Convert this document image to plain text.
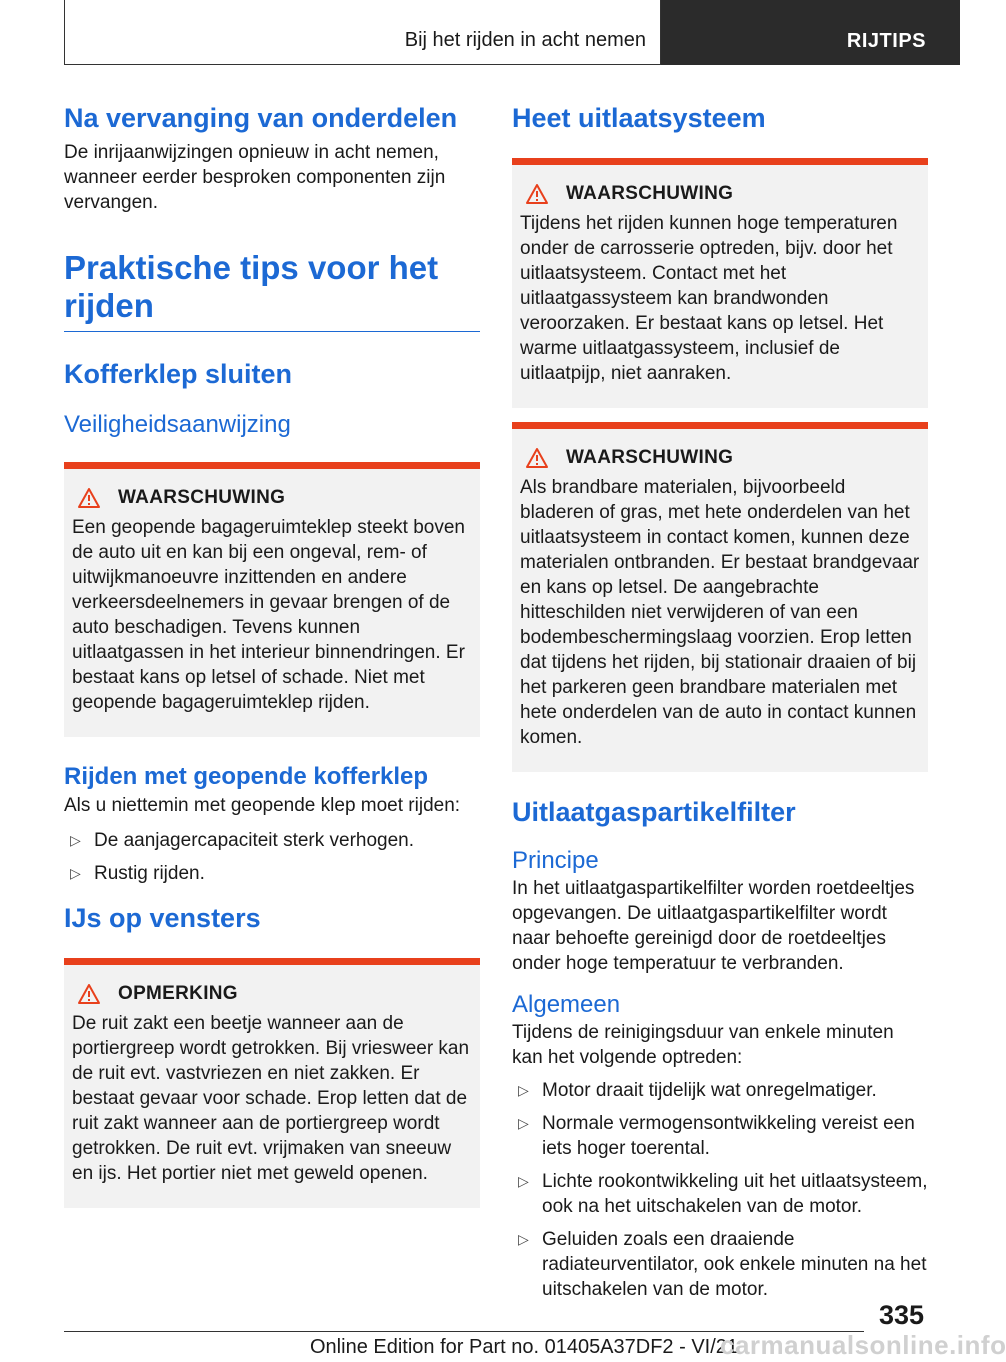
Bij het rijden in acht nemen	RIJTIPS
Na vervanging van onderdelen

De inrijaanwijzingen opnieuw in acht nemen, wanneer eerder besproken componenten zijn vervangen.

Praktische tips voor het rijden
Kofferklep sluiten
Veiligheidsaanwijzing
WAARSCHUWING

Een geopende bagageruimteklep steekt boven de auto uit en kan bij een ongeval, rem- of uitwijkmanoeuvre inzittenden en andere verkeersdeelnemers in gevaar brengen of de auto beschadigen. Tevens kunnen uitlaatgassen in het interieur binnendringen. Er bestaat kans op letsel of schade. Niet met geopende bagageruimteklep rijden.

Rijden met geopende kofferklep

Als u niettemin met geopende klep moet rijden:

▷ De aanjagercapaciteit sterk verhogen.
▷ Rustig rijden.
IJs op vensters
OPMERKING

De ruit zakt een beetje wanneer aan de portiergreep wordt getrokken. Bij vriesweer kan de ruit evt. vastvriezen en niet zakken. Er bestaat gevaar voor schade. Erop letten dat de ruit zakt wanneer aan de portiergreep wordt getrokken. De ruit evt. vrijmaken van sneeuw en ijs. Het portier niet met geweld openen.

Heet uitlaatsysteem
WAARSCHUWING

Tijdens het rijden kunnen hoge temperaturen onder de carrosserie optreden, bijv. door het uitlaatsysteem. Contact met het uitlaatgassysteem kan brandwonden veroorzaken. Er bestaat kans op letsel. Het warme uitlaatgassysteem, inclusief de uitlaatpijp, niet aanraken.

WAARSCHUWING

Als brandbare materialen, bijvoorbeeld bladeren of gras, met hete onderdelen van het uitlaatsysteem in contact komen, kunnen deze materialen ontbranden. Er bestaat brandgevaar en kans op letsel. De aangebrachte hitteschilden niet verwijderen of van een bodembeschermingslaag voorzien. Erop letten dat tijdens het rijden, bij stationair draaien of bij het parkeren geen brandbare materialen met hete onderdelen van de auto in contact kunnen komen.

Uitlaatgaspartikelfilter
Principe

In het uitlaatgaspartikelfilter worden roetdeeltjes opgevangen. De uitlaatgaspartikelfilter wordt naar behoefte gereinigd door de roetdeeltjes onder hoge temperatuur te verbranden.

Algemeen

Tijdens de reinigingsduur van enkele minuten kan het volgende optreden:

▷ Motor draait tijdelijk wat onregelmatiger.
▷ Normale vermogensontwikkeling vereist een iets hoger toerental.
▷ Lichte rookontwikkeling uit het uitlaatsysteem, ook na het uitschakelen van de motor.
▷ Geluiden zoals een draaiende radiateurventilator, ook enkele minuten na het uitschakelen van de motor.
335
Online Edition for Part no. 01405A37DF2 - VI/21
carmanualsonline.info
